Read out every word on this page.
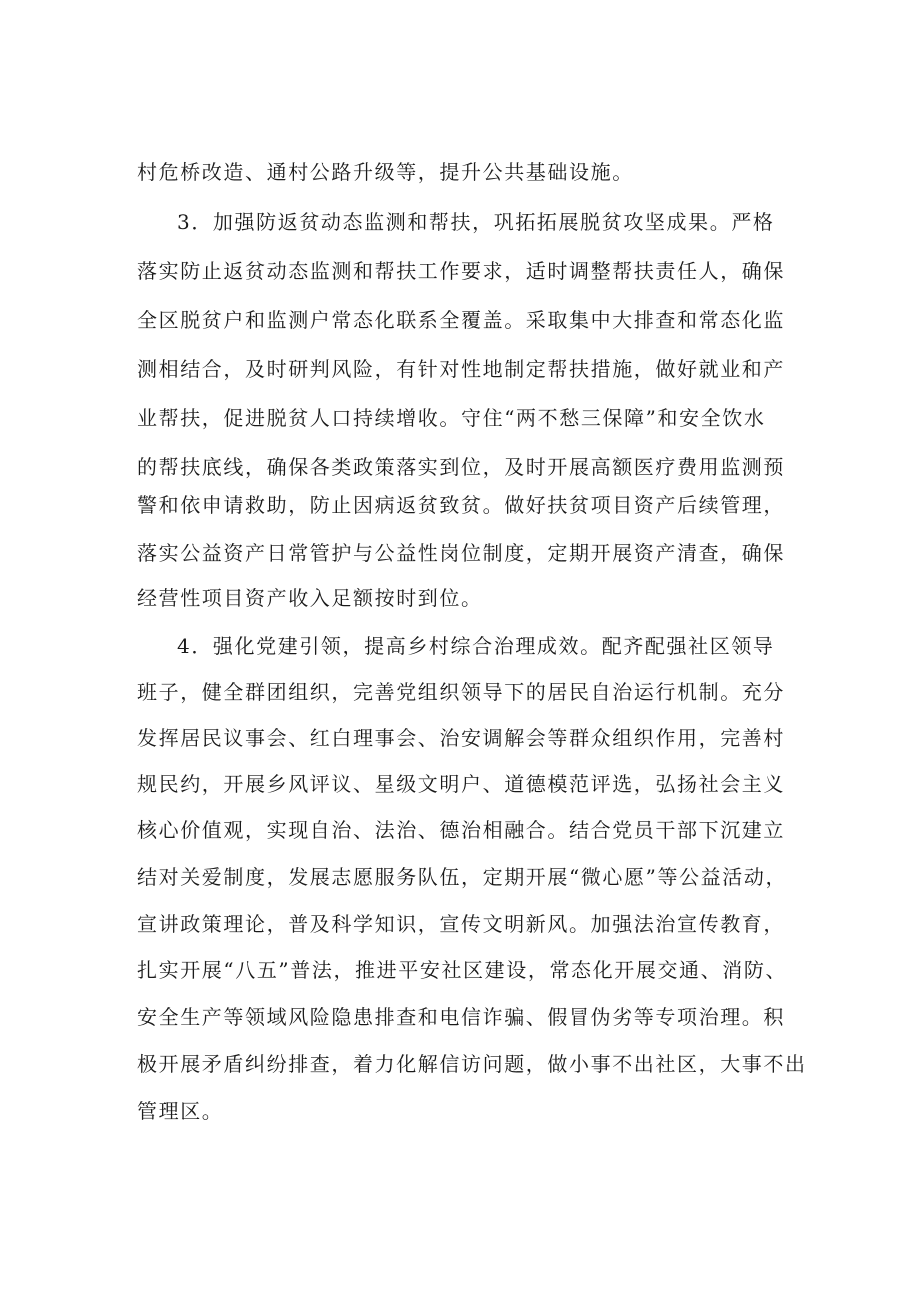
村危桥改造、通村公路升级等，提升公共基础设施。
3．加强防返贫动态监测和帮扶，巩拓拓展脱贫攻坚成果。严格
落实防止返贫动态监测和帮扶工作要求，适时调整帮扶责任人，确保
全区脱贫户和监测户常态化联系全覆盖。采取集中大排查和常态化监
测相结合，及时研判风险，有针对性地制定帮扶措施，做好就业和产
业帮扶，促进脱贫人口持续增收。守住“两不愁三保障”和安全饮水
的帮扶底线，确保各类政策落实到位，及时开展高额医疗费用监测预
警和依申请救助，防止因病返贫致贫。做好扶贫项目资产后续管理，
落实公益资产日常管护与公益性岗位制度，定期开展资产清查，确保
经营性项目资产收入足额按时到位。
4．强化党建引领，提高乡村综合治理成效。配齐配强社区领导
班子，健全群团组织，完善党组织领导下的居民自治运行机制。充分
发挥居民议事会、红白理事会、治安调解会等群众组织作用，完善村
规民约，开展乡风评议、星级文明户、道德模范评选，弘扬社会主义
核心价值观，实现自治、法治、德治相融合。结合党员干部下沉建立
结对关爱制度，发展志愿服务队伍，定期开展“微心愿”等公益活动，
宣讲政策理论，普及科学知识，宣传文明新风。加强法治宣传教育，
扎实开展“八五”普法，推进平安社区建设，常态化开展交通、消防、
安全生产等领域风险隐患排查和电信诈骗、假冒伪劣等专项治理。积
极开展矛盾纠纷排查，着力化解信访问题，做小事不出社区，大事不出
管理区。
